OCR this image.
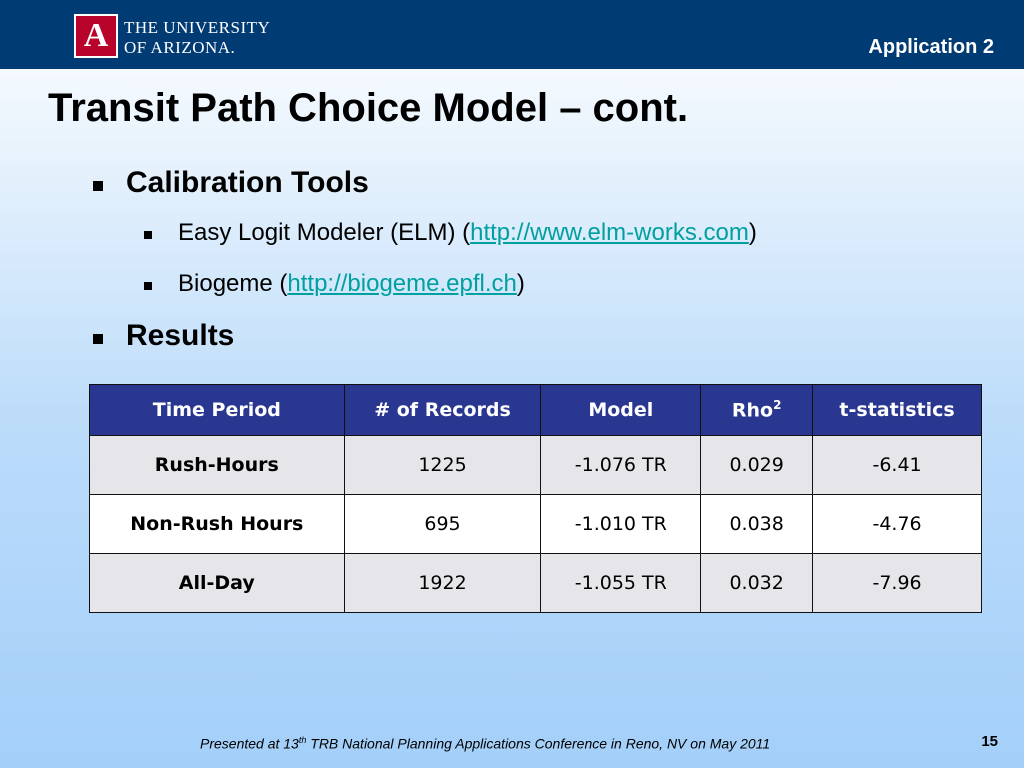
A THE UNIVERSITY
OF ARIZONA.	Application 2
Transit Path Choice Model – cont.
Calibration Tools
Easy Logit Modeler (ELM) (http://www.elm-works.com)
Biogeme (http://biogeme.epfl.ch)
Results
Time Period	# of Records	Model	Rho$^2$	t-statistics
Rush-Hours	1225	-1.076 TR	0.029	-6.41
Non-Rush Hours	695	-1.010 TR	0.038	-4.76
All-Day	1922	-1.055 TR	0.032	-7.96
Presented at 13th TRB National Planning Applications Conference in Reno, NV on May 2011	15
